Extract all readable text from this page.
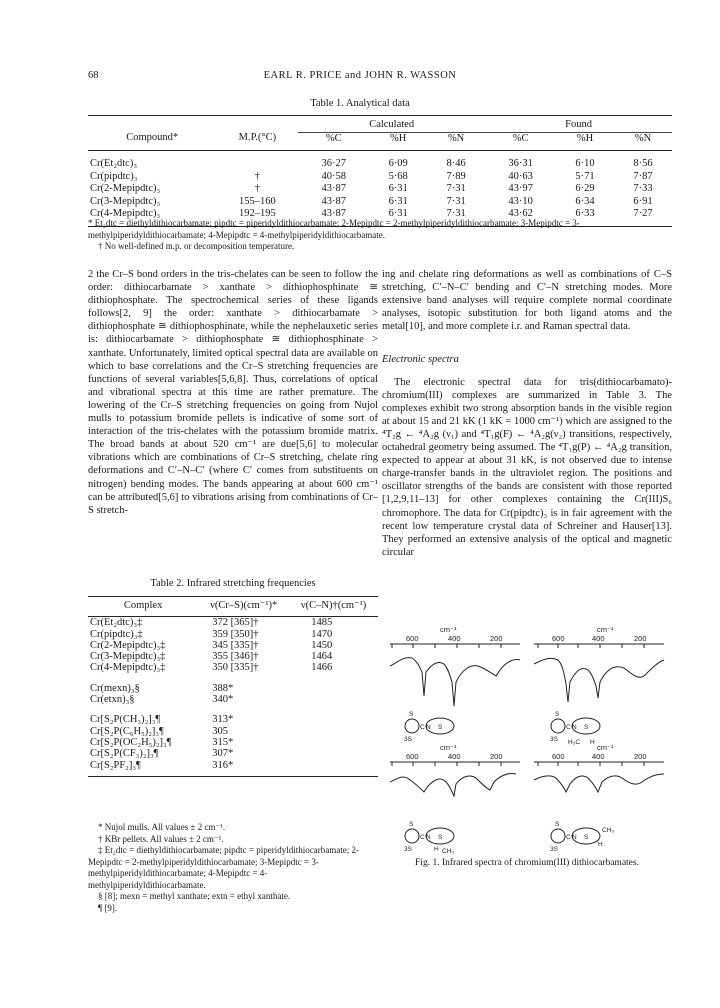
68	EARL R. PRICE and JOHN R. WASSON
Table 1. Analytical data
		Calculated			Found		
Compound*	M.P.(°C)	%C	%H	%N	%C	%H	%N
Cr(Et₂dtc)₃		36·27	6·09	8·46	36·31	6·10	8·56
Cr(pipdtc)₃	†	40·58	5·68	7·89	40·63	5·71	7·87
Cr(2-Mepipdtc)₃	†	43·87	6·31	7·31	43·97	6·29	7·33
Cr(3-Mepipdtc)₃	155–160	43·87	6·31	7·31	43·10	6·34	6·91
Cr(4-Mepipdtc)₃	192–195	43·87	6·31	7·31	43·62	6·33	7·27
* Et₂dtc = diethyldithiocarbamate; pipdtc = piperidyldithiocarbamate; 2-Mepipdtc = 2-methylpiperidyldithiocarbamate; 3-Mepipdtc = 3-methylpiperidyldithiocarbamate; 4-Mepipdtc = 4-methylpiperidyldithiocarbamate.
† No well-defined m.p. or decomposition temperature.

2 the Cr–S bond orders in the tris-chelates can be seen to follow the order: dithiocarbamate > xanthate > dithiophosphinate ≅ dithiophosphate. The spectrochemical series of these ligands follows[2, 9] the order: xanthate > dithiocarbamate > dithiophosphate ≅ dithiophosphinate, while the nephelauxetic series is: dithiocarbamate > dithiophosphate ≅ dithiophosphinate > xanthate. Unfortunately, limited optical spectral data are available on which to base correlations and the Cr–S stretching frequencies are functions of several variables[5,6,8]. Thus, correlations of optical and vibrational spectra at this time are rather premature. The lowering of the Cr–S stretching frequencies on going from Nujol mulls to potassium bromide pellets is indicative of some sort of interaction of the tris-chelates with the potassium bromide matrix. The broad bands at about 520 cm⁻¹ are due[5,6] to molecular vibrations which are combinations of Cr–S stretching, chelate ring deformations and C′–N–C′ (where C′ comes from substituents on nitrogen) bending modes. The bands appearing at about 600 cm⁻¹ can be attributed[5,6] to vibrations arising from combinations of Cr–S stretch-

ing and chelate ring deformations as well as combinations of C–S stretching, C′–N–C′ bending and C′–N stretching modes. More extensive band analyses will require complete normal coordinate analyses, isotopic substitution for both ligand atoms and the metal[10], and more complete i.r. and Raman spectral data.

Electronic spectra

The electronic spectral data for tris(dithiocarbamato)-chromium(III) complexes are summarized in Table 3. The complexes exhibit two strong absorption bands in the visible region at about 15 and 21 kK (1 kK = 1000 cm⁻¹) which are assigned to the ⁴T₂g ← ⁴A₂g (ν₁) and ⁴T₁g(F) ← ⁴A₂g(ν₂) transitions, respectively, octahedral geometry being assumed. The ⁴T₁g(P) ← ⁴A₂g transition, expected to appear at about 31 kK, is not observed due to intense charge-transfer bands in the ultraviolet region. The positions and oscillator strengths of the bands are consistent with those reported [1,2,9,11–13] for other complexes containing the Cr(III)S₆ chromophore. The data for Cr(pipdtc)₃ is in fair agreement with the recent low temperature crystal data of Schreiner and Hauser[13]. They performed an extensive analysis of the optical and magnetic circular

Table 2. Infrared stretching frequencies
Complex	ν(Cr–S)(cm⁻¹)*	ν(C–N)†(cm⁻¹)
Cr(Et₂dtc)₃‡	372 [365]†	1485
Cr(pipdtc)₃‡	359 [350]†	1470
Cr(2-Mepipdtc)₃‡	345 [335]†	1450
Cr(3-Mepipdtc)₃‡	355 [346]†	1464
Cr(4-Mepipdtc)₃‡	350 [335]†	1466

Cr(mexn)₃§	388*	
Cr(etxn)₃§	340*	

Cr[S₂P(CH₃)₂]₃¶	313*	
Cr[S₂P(C₆H₅)₂]₃¶	305	
Cr[S₂P(OC₂H₅)₂]₃¶	315*	
Cr[S₂P(CF₃)₂]₃¶	307*	
Cr[S₂PF₂]₃¶	316*	
* Nujol mulls. All values ± 2 cm⁻¹.
† KBr pellets. All values ± 2 cm⁻¹.
‡ Et₂dtc = diethyldithiocarbamate; pipdtc = piperidyldithiocarbamate; 2-Mepipdtc = 2-methylpiperidyldithiocarbamate; 3-Mepipdtc = 3-methylpiperidyldithiocarbamate; 4-Mepipdtc = 4-methylpiperidyldithiocarbamate.
§ [8]; mexn = methyl xanthate; extn = ethyl xanthate.
¶ [9].
cm⁻¹	cm⁻¹
600	400	200	600	400	200
cm⁻¹	cm⁻¹
600	400	200	600	400	200
S
C N S
3S
S
C N S
3S H₃C H
S
C N S
3S	H CH₃
S
C N S
3S
CH₃
H
Fig. 1. Infrared spectra of chromium(III) dithiocarbamates.
